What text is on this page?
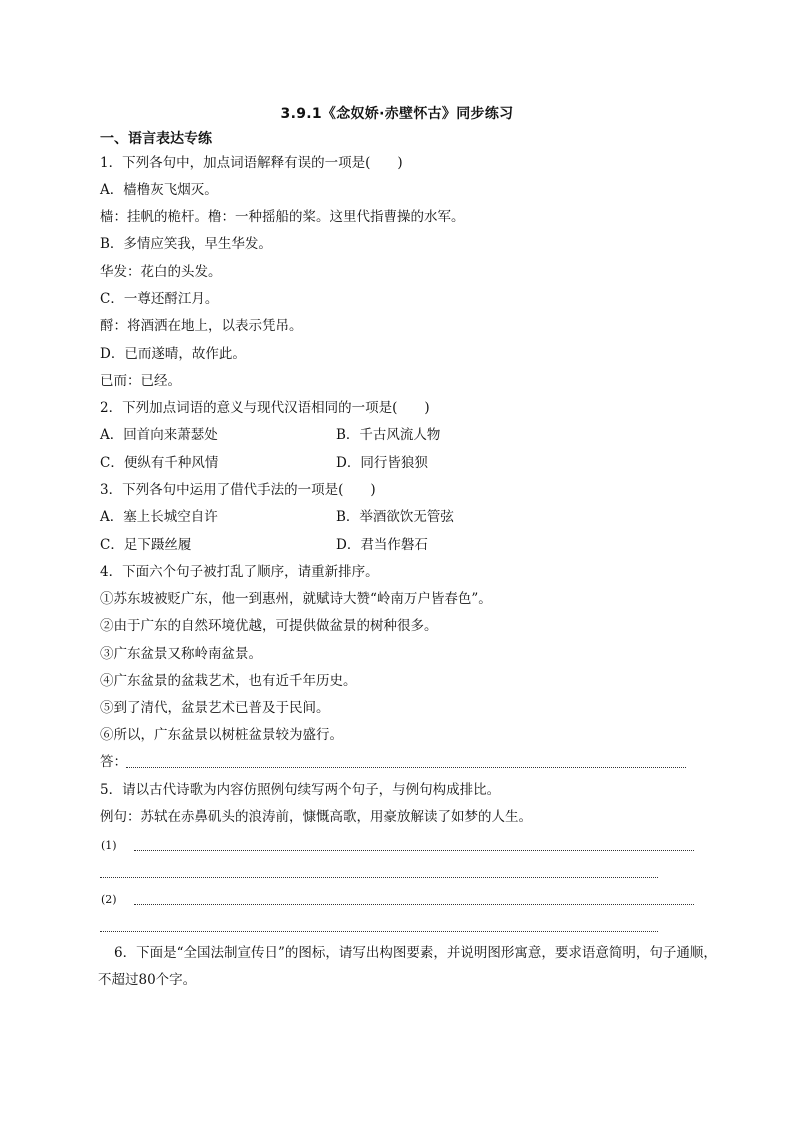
3.9.1《念奴娇·赤壁怀古》同步练习
一、语言表达专练
1．下列各句中，加点词语解释有误的一项是(　　)
A．樯橹灰飞烟灭。
樯：挂帆的桅杆。橹：一种摇船的桨。这里代指曹操的水军。
B．多情应笑我，早生华发。
华发：花白的头发。
C．一尊还酹江月。
酹：将酒洒在地上，以表示凭吊。
D．已而遂晴，故作此。
已而：已经。
2．下列加点词语的意义与现代汉语相同的一项是(　　)
A．回首向来萧瑟处	B．千古风流人物
C．便纵有千种风情	D．同行皆狼狈
3．下列各句中运用了借代手法的一项是(　　)
A．塞上长城空自许	B．举酒欲饮无管弦
C．足下蹑丝履	D．君当作磐石
4．下面六个句子被打乱了顺序，请重新排序。
①苏东坡被贬广东，他一到惠州，就赋诗大赞“岭南万户皆春色”。
②由于广东的自然环境优越，可提供做盆景的树种很多。
③广东盆景又称岭南盆景。
④广东盆景的盆栽艺术，也有近千年历史。
⑤到了清代，盆景艺术已普及于民间。
⑥所以，广东盆景以树桩盆景较为盛行。
答：
5．请以古代诗歌为内容仿照例句续写两个句子，与例句构成排比。
例句：苏轼在赤鼻矶头的浪涛前，慷慨高歌，用豪放解读了如梦的人生。
(1)
(2)
6．下面是“全国法制宣传日”的图标，请写出构图要素，并说明图形寓意，要求语意简明，句子通顺，不超过80个字。
